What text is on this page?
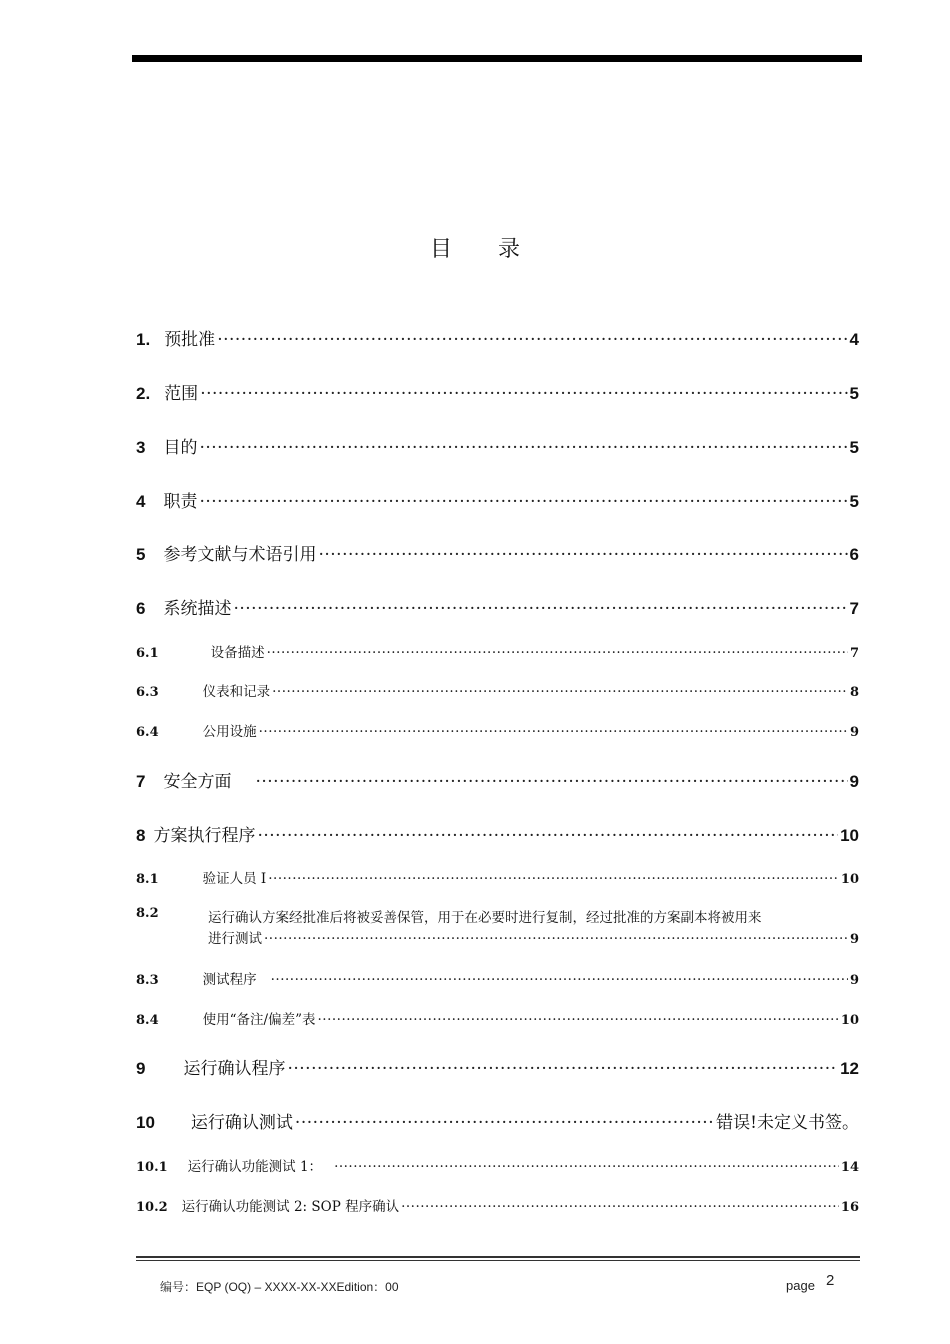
目 录
1. 预批准 ·····	4
2. 范围 ·····	5
3	目的 ·····	5
4	职责 ·····	5
5	参考文献与术语引用 ·····	6
6	系统描述 ·····	7
6.1	设备描述 ·····	7
6.3	仪表和记录 ·····	8
6.4	公用设施 ·····	9
7	安全方面 ·····	9
8 方案执行程序 ·····	10
8.1	验证人员 I ·····	10
8.2	运行确认方案经批准后将被妥善保管，用于在必要时进行复制，经过批准的方案副本将被用来
进行测试 ·····	9
8.3	测试程序 ·····	9
8.4	使用“备注/偏差”表 ·····	10
9	运行确认程序 ·····	12
10	运行确认测试 ·····	错误!未定义书签。
10.1	运行确认功能测试 1： ·····	14
10.2	运行确认功能测试 2: SOP 程序确认 ·····	16
编号：EQP (OQ) – XXXX-XX-XXEdition：00	page 2
